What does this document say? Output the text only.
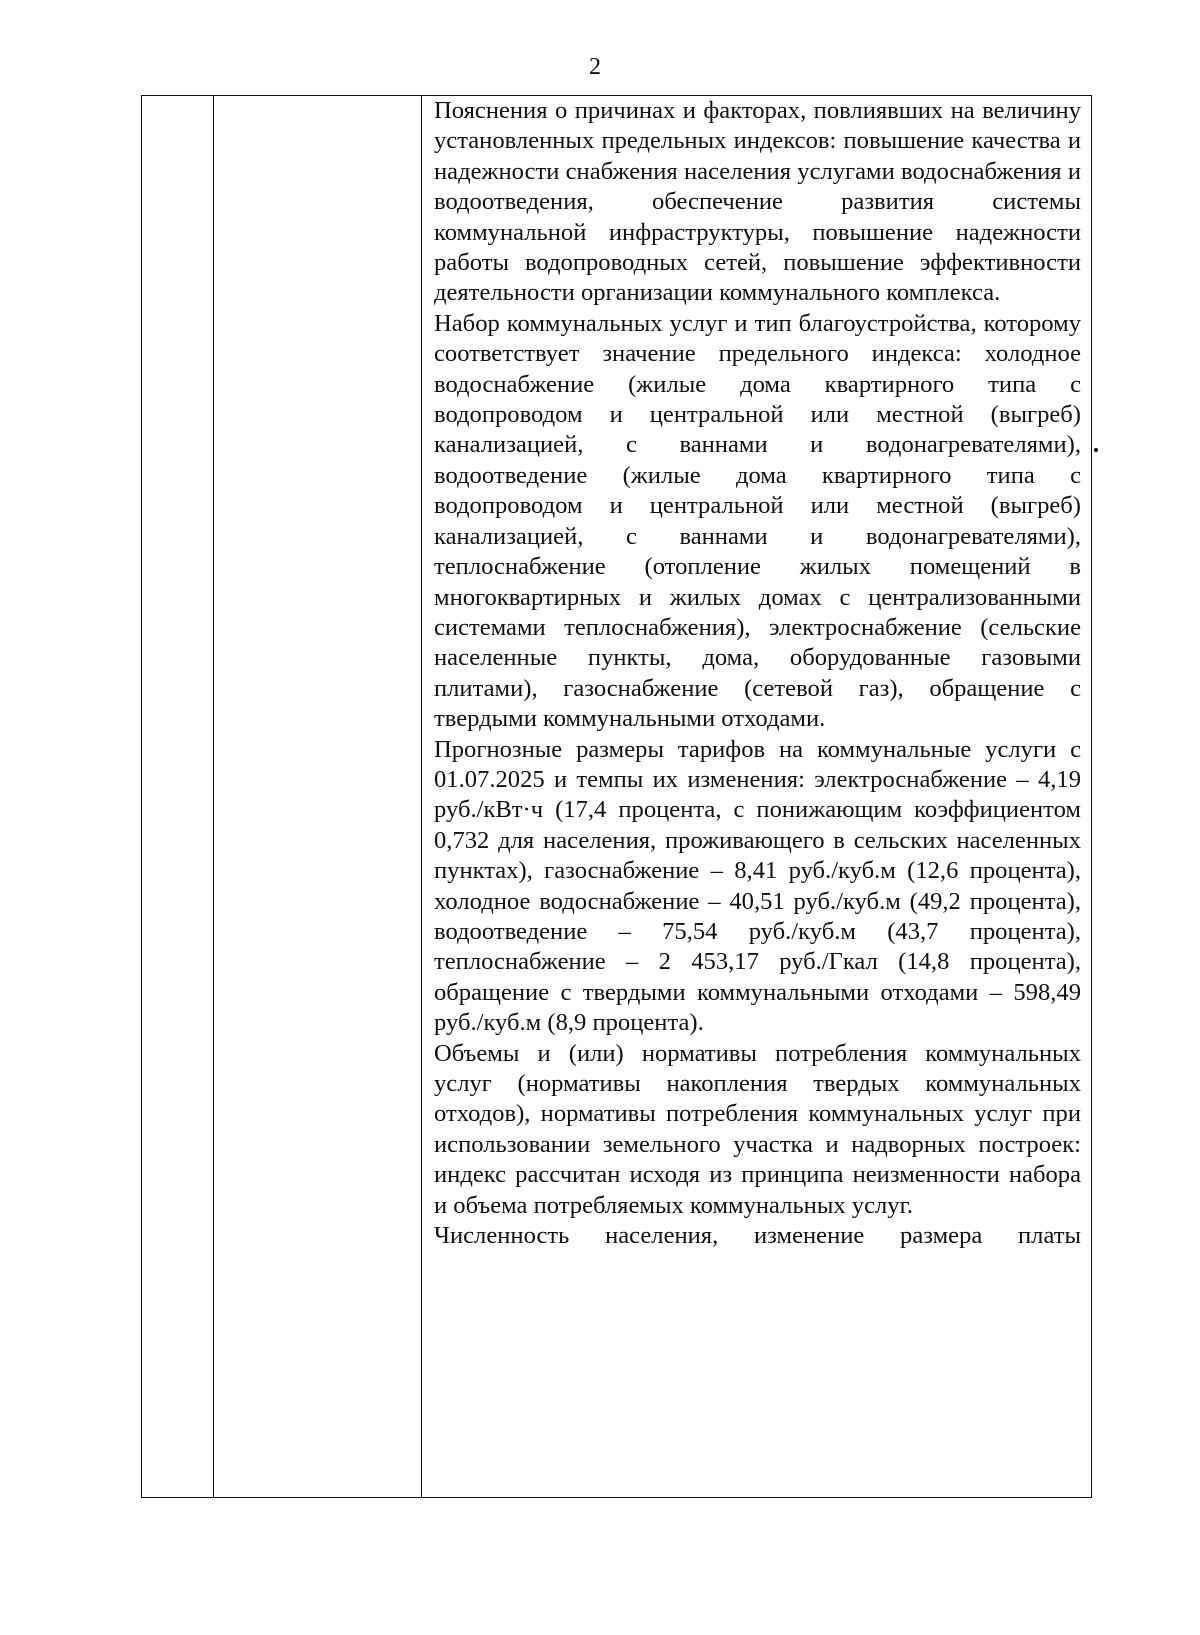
2

Пояснения о причинах и факторах, повлиявших на величину установленных предельных индексов: повышение качества и надежности снабжения населения услугами водоснабжения и водоотведения, обеспечение развития системы коммунальной инфраструктуры, повышение надежности работы водопроводных сетей, повышение эффективности деятельности организации коммунального комплекса.

Набор коммунальных услуг и тип благоустройства, которому соответствует значение предельного индекса: холодное водоснабжение (жилые дома квартирного типа с водопроводом и центральной или местной (выгреб) канализацией, с ваннами и водонагревателями), водоотведение (жилые дома квартирного типа с водопроводом и центральной или местной (выгреб) канализацией, с ваннами и водонагревателями), теплоснабжение (отопление жилых помещений в многоквартирных и жилых домах с централизованными системами теплоснабжения), электроснабжение (сельские населенные пункты, дома, оборудованные газовыми плитами), газоснабжение (сетевой газ), обращение с твердыми коммунальными отходами.

Прогнозные размеры тарифов на коммунальные услуги с 01.07.2025 и темпы их изменения: электроснабжение – 4,19 руб./кВт·ч (17,4 процента, с понижающим коэффициентом 0,732 для населения, проживающего в сельских населенных пунктах), газоснабжение – 8,41 руб./куб.м (12,6 процента), холодное водоснабжение – 40,51 руб./куб.м (49,2 процента), водоотведение – 75,54 руб./куб.м (43,7 процента), теплоснабжение – 2 453,17 руб./Гкал (14,8 процента), обращение с твердыми коммунальными отходами – 598,49 руб./куб.м (8,9 процента).

Объемы и (или) нормативы потребления коммунальных услуг (нормативы накопления твердых коммунальных отходов), нормативы потребления коммунальных услуг при использовании земельного участка и надворных построек: индекс рассчитан исходя из принципа неизменности набора и объема потребляемых коммунальных услуг.

Численность населения, изменение размера платы
